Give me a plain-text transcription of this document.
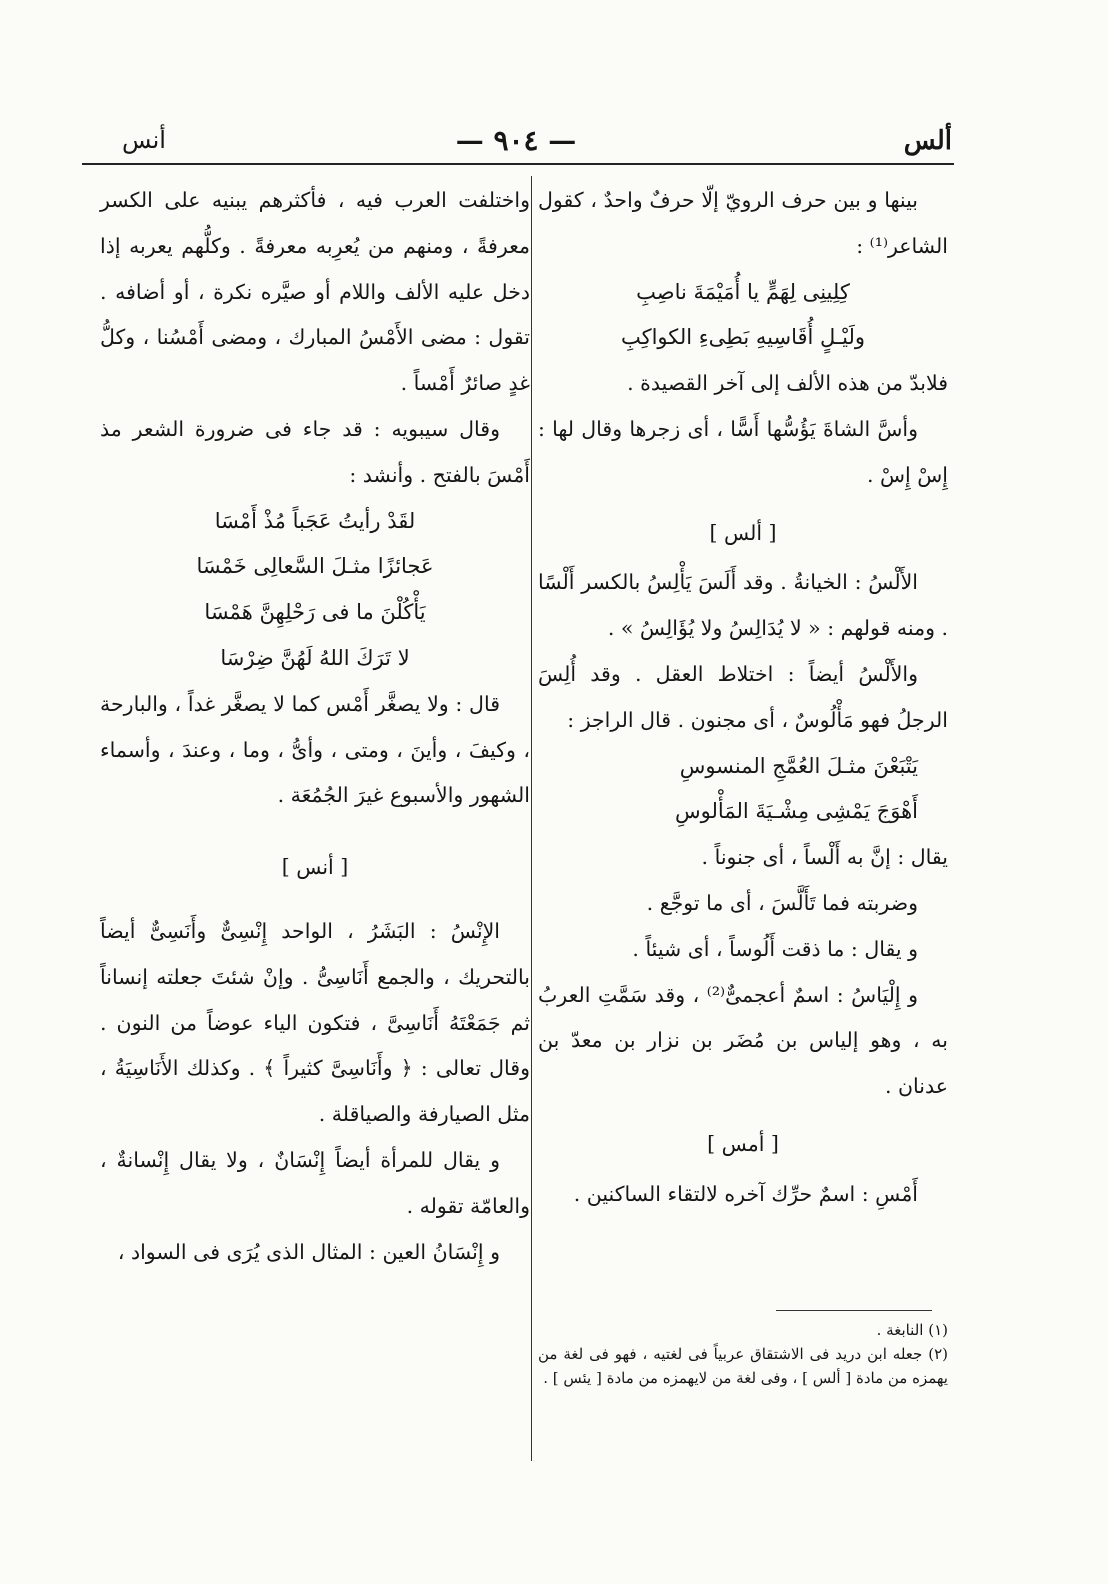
ألس
— ٩٠٤ —
أنس

بينها و بين حرف الرويّ إلّا حرفٌ واحدٌ ، كقول الشاعر⁽¹⁾ :

كِلِينِى لِهَمٍّ يا أُمَيْمَةَ ناصِبِ
ولَيْـلٍ أُقَاسِيهِ بَطِىءِ الكواكِبِ

فلابدّ من هذه الألف إلى آخر القصيدة .

وأسَّ الشاةَ يَؤُسُّها أَسًّا ، أى زجرها وقال لها : إِسْ إِسْ .

[ ألس ]

الأَلْسُ : الخيانةُ . وقد أَلَسَ يَأْلِسُ بالكسر أَلْسًا . ومنه قولهم : « لا يُدَالِسُ ولا يُؤَالِسُ » .

والأَلْسُ أيضاً : اختلاط العقل . وقد أُلِسَ الرجلُ فهو مَأْلُوسٌ ، أى مجنون . قال الراجز :

يَتْبَعْنَ مثـلَ العُمَّجِ المنسوسِ
أَهْوَجَ يَمْشِى مِشْـيَةَ المَأْلوسِ

يقال : إنَّ به أَلْساً ، أى جنوناً .

وضربته فما تَأَلَّسَ ، أى ما توجَّع .

و يقال : ما ذقت أَلُوساً ، أى شيئاً .

و إِلْيَاسُ : اسمٌ أعجمىٌّ⁽²⁾ ، وقد سَمَّتِ العربُ به ، وهو إلياس بن مُضَر بن نزار بن معدّ بن عدنان .

[ أمس ]

أَمْسِ : اسمٌ حرِّك آخره لالتقاء الساكنين .

واختلفت العرب فيه ، فأكثرهم يبنيه على الكسر معرفةً ، ومنهم من يُعرِبه معرفةً . وكلُّهم يعربه إذا دخل عليه الألف واللام أو صيَّره نكرة ، أو أضافه . تقول : مضى الأَمْسُ المبارك ، ومضى أَمْسُنا ، وكلُّ غدٍ صائرٌ أَمْساً .

وقال سيبويه : قد جاء فى ضرورة الشعر مذ أَمْسَ بالفتح . وأنشد :

لقَدْ رأيتُ عَجَباً مُذْ أَمْسَا
عَجائزًا مثـلَ السَّعالِى خَمْسَا
يَأْكُلْنَ ما فى رَحْلِهِنَّ هَمْسَا
لا تَرَكَ اللهُ لَهُنَّ ضِرْسَا

قال : ولا يصغَّر أَمْس كما لا يصغَّر غداً ، والبارحة ، وكيفَ ، وأينَ ، ومتى ، وأىُّ ، وما ، وعندَ ، وأسماء الشهور والأسبوع غيرَ الجُمُعَة .

[ أنس ]

الإِنْسُ : البَشَرُ ، الواحد إِنْسِىٌّ وأَنَسِىٌّ أيضاً بالتحريك ، والجمع أَنَاسِىُّ . وإنْ شئتَ جعلته إنساناً ثم جَمَعْتَهُ أَنَاسِىَّ ، فتكون الياء عوضاً من النون . وقال تعالى : ﴿ وأَنَاسِىَّ كثيراً ﴾ . وكذلك الأَنَاسِيَةُ ، مثل الصيارفة والصياقلة .

و يقال للمرأة أيضاً إِنْسَانٌ ، ولا يقال إِنْسانةٌ ، والعامّة تقوله .

و إِنْسَانُ العين : المثال الذى يُرَى فى السواد ،

(١) النابغة .

(٢) جعله ابن دريد فى الاشتقاق عربياً فى لغتيه ، فهو فى لغة من يهمزه من مادة [ ألس ] ، وفى لغة من لايهمزه من مادة [ يئس ] .
